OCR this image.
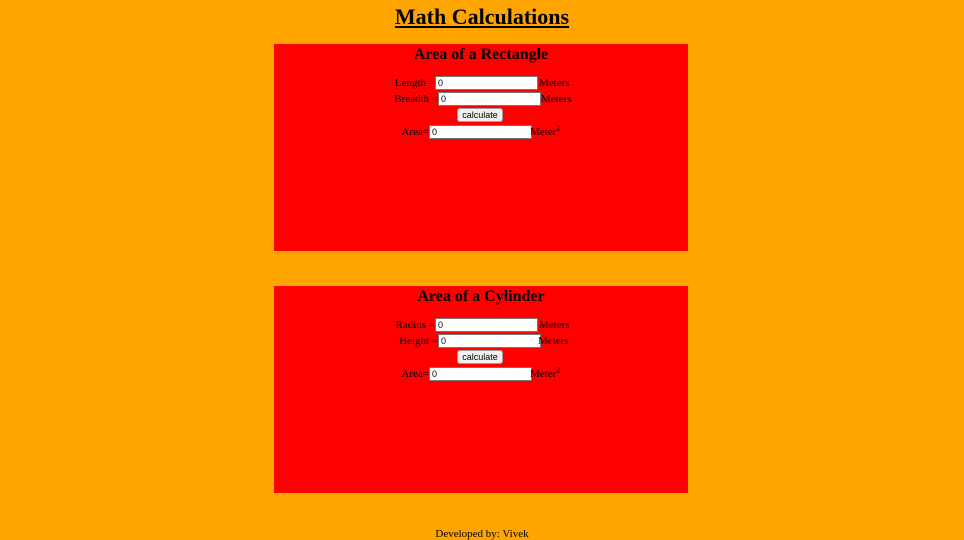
Math Calculations
Area of a Rectangle
Length =
0	Meters
Breadth =
0	Meters
calculate
Area=
0	Meter$^2$
Area of a Cylinder
Radius =
0	Meters
Height =
0	Meters
calculate
Area=
0	Meter$^2$
Developed by: Vivek
